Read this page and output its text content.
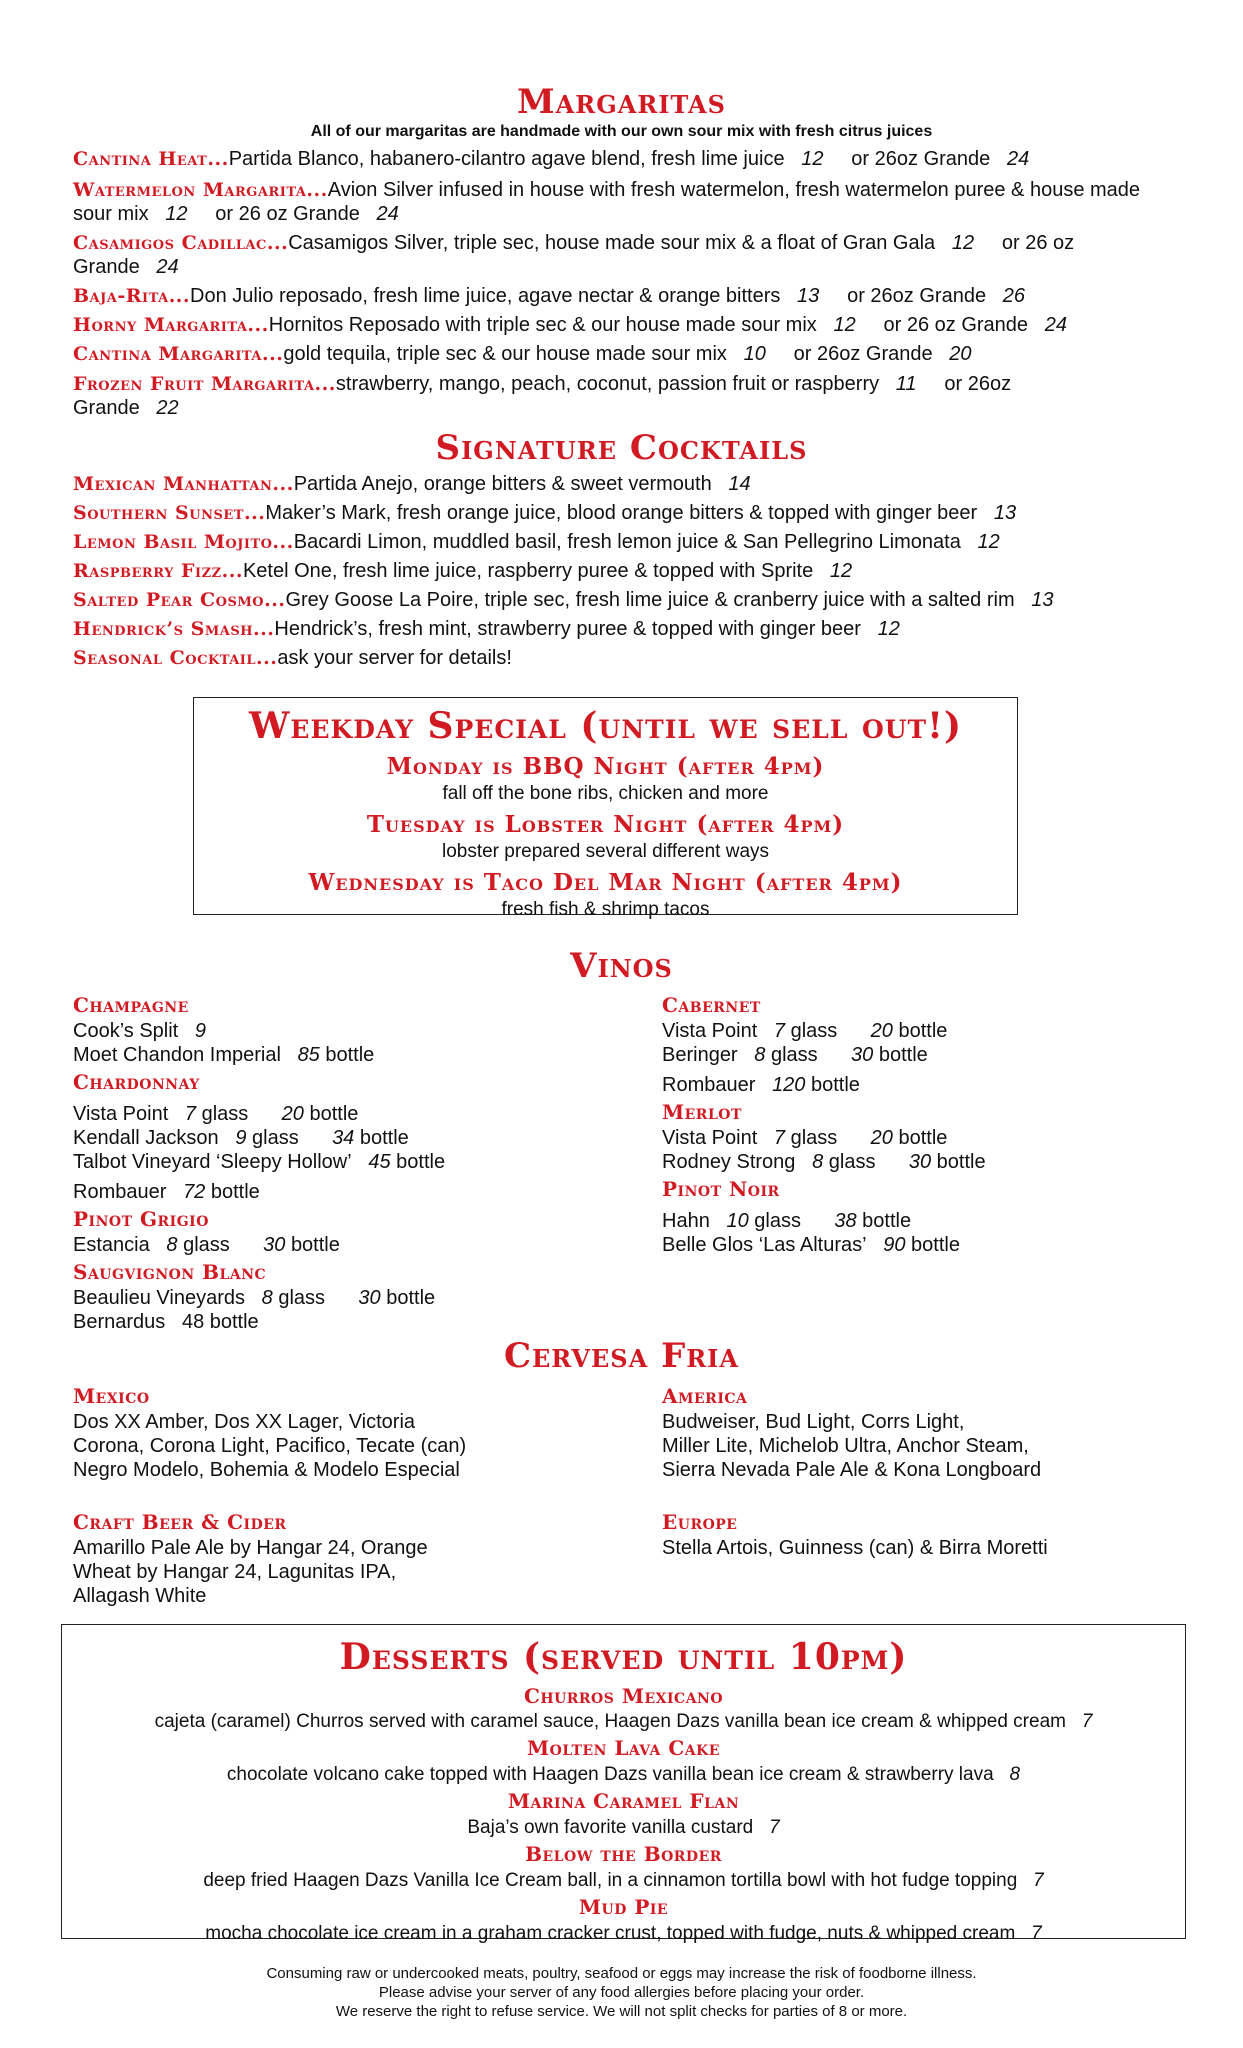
Margaritas
All of our margaritas are handmade with our own sour mix with fresh citrus juices
Cantina Heat...Partida Blanco, habanero-cilantro agave blend, fresh lime juice 12 or 26oz Grande 24
Watermelon Margarita...Avion Silver infused in house with fresh watermelon, fresh watermelon puree & house made sour mix 12 or 26 oz Grande 24
Casamigos Cadillac...Casamigos Silver, triple sec, house made sour mix & a float of Gran Gala 12 or 26 oz Grande 24
Baja-Rita...Don Julio reposado, fresh lime juice, agave nectar & orange bitters 13 or 26oz Grande 26
Horny Margarita...Hornitos Reposado with triple sec & our house made sour mix 12 or 26 oz Grande 24
Cantina Margarita...gold tequila, triple sec & our house made sour mix 10 or 26oz Grande 20
Frozen Fruit Margarita...strawberry, mango, peach, coconut, passion fruit or raspberry 11 or 26oz Grande 22
Signature Cocktails
Mexican Manhattan...Partida Anejo, orange bitters & sweet vermouth 14
Southern Sunset...Maker’s Mark, fresh orange juice, blood orange bitters & topped with ginger beer 13
Lemon Basil Mojito...Bacardi Limon, muddled basil, fresh lemon juice & San Pellegrino Limonata 12
Raspberry Fizz...Ketel One, fresh lime juice, raspberry puree & topped with Sprite 12
Salted Pear Cosmo...Grey Goose La Poire, triple sec, fresh lime juice & cranberry juice with a salted rim 13
Hendrick’s Smash...Hendrick’s, fresh mint, strawberry puree & topped with ginger beer 12
Seasonal Cocktail...ask your server for details!
Weekday Special (until we sell out!)
Monday is BBQ Night (after 4pm)
fall off the bone ribs, chicken and more
Tuesday is Lobster Night (after 4pm)
lobster prepared several different ways
Wednesday is Taco Del Mar Night (after 4pm)
fresh fish & shrimp tacos
Vinos
Champagne
Cook’s Split 9
Moet Chandon Imperial 85 bottle
Chardonnay
Vista Point 7 glass 20 bottle
Kendall Jackson 9 glass 34 bottle
Talbot Vineyard ‘Sleepy Hollow’ 45 bottle
Rombauer 72 bottle
Pinot Grigio
Estancia 8 glass 30 bottle
Saugvignon Blanc
Beaulieu Vineyards 8 glass 30 bottle
Bernardus 48 bottle
Cabernet
Vista Point 7 glass 20 bottle
Beringer 8 glass 30 bottle
Rombauer 120 bottle
Merlot
Vista Point 7 glass 20 bottle
Rodney Strong 8 glass 30 bottle
Pinot Noir
Hahn 10 glass 38 bottle
Belle Glos ‘Las Alturas’ 90 bottle
Cervesa Fria
Mexico
Dos XX Amber, Dos XX Lager, Victoria
Corona, Corona Light, Pacifico, Tecate (can)
Negro Modelo, Bohemia & Modelo Especial
Craft Beer & Cider
Amarillo Pale Ale by Hangar 24, Orange
Wheat by Hangar 24, Lagunitas IPA,
Allagash White
America
Budweiser, Bud Light, Corrs Light,
Miller Lite, Michelob Ultra, Anchor Steam,
Sierra Nevada Pale Ale & Kona Longboard
Europe
Stella Artois, Guinness (can) & Birra Moretti
Desserts (served until 10pm)
Churros Mexicano
cajeta (caramel) Churros served with caramel sauce, Haagen Dazs vanilla bean ice cream & whipped cream 7
Molten Lava Cake
chocolate volcano cake topped with Haagen Dazs vanilla bean ice cream & strawberry lava 8
Marina Caramel Flan
Baja’s own favorite vanilla custard 7
Below the Border
deep fried Haagen Dazs Vanilla Ice Cream ball, in a cinnamon tortilla bowl with hot fudge topping 7
Mud Pie
mocha chocolate ice cream in a graham cracker crust, topped with fudge, nuts & whipped cream 7
Consuming raw or undercooked meats, poultry, seafood or eggs may increase the risk of foodborne illness.
Please advise your server of any food allergies before placing your order.
We reserve the right to refuse service. We will not split checks for parties of 8 or more.
